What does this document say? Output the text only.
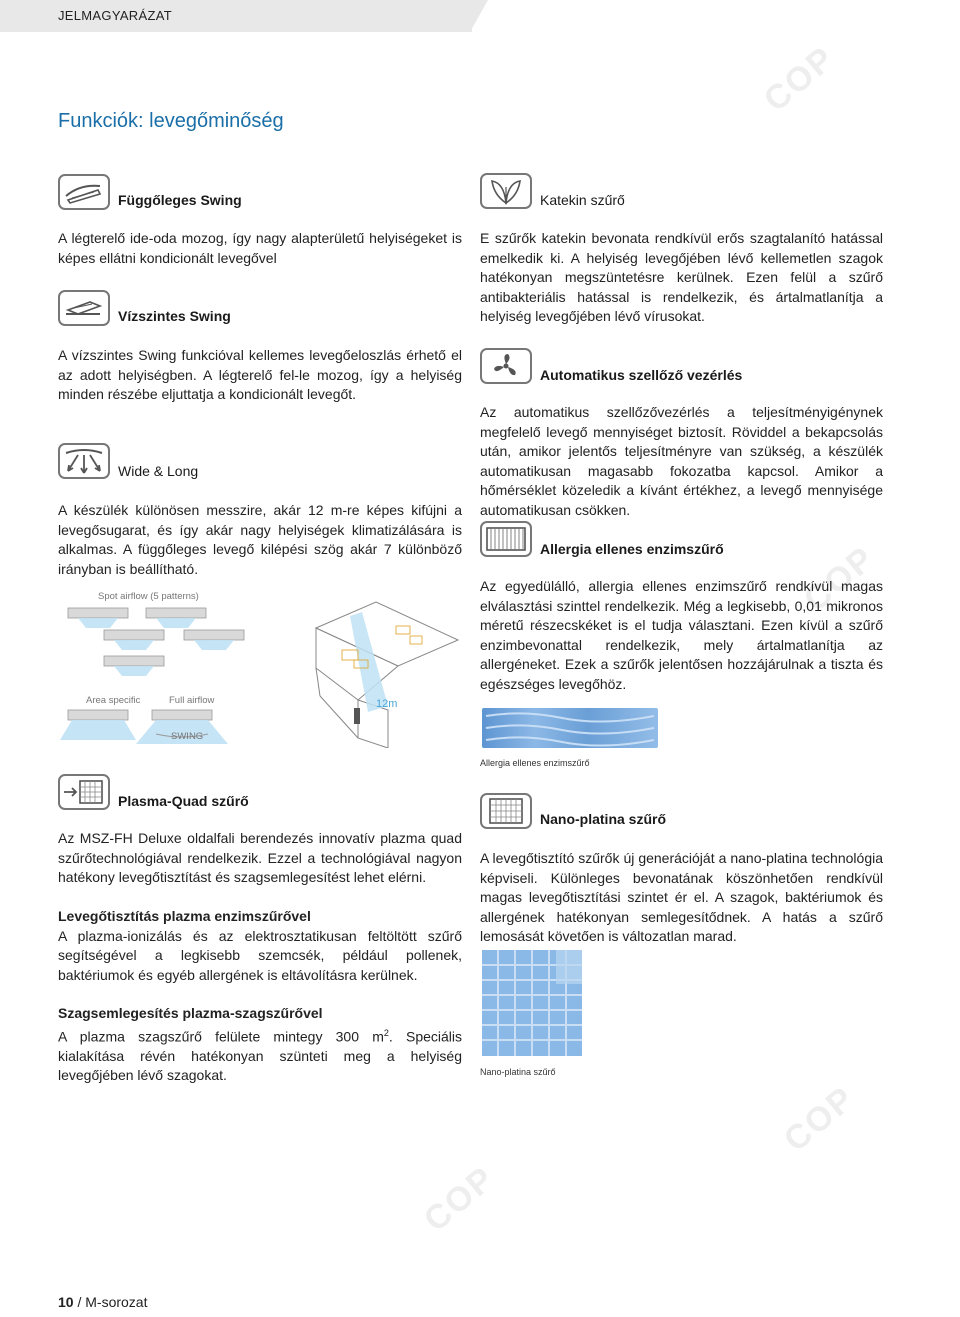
COP
COP
COP
COP
JELMAGYARÁZAT
Funkciók: levegőminőség
Függőleges Swing
A légterelő ide-oda mozog, így nagy alapterületű helyiségeket is képes ellátni kondicionált levegővel
Vízszintes Swing
A vízszintes Swing funkcióval kellemes levegőeloszlás érhető el az adott helyiségben. A légterelő fel-le mozog, így a helyiség minden részébe eljuttatja a kondicionált levegőt.
Wide & Long
A készülék különösen messzire, akár 12 m-re képes kifújni a levegősugarat, és így akár nagy helyiségek klimatizálására is alkalmas. A függőleges levegő kilépési szög akár 7 különböző irányban is beállítható.
Spot airflow (5 patterns)
Area specific	Full airflow
SWING
12m
Plasma-Quad szűrő
Az MSZ-FH Deluxe oldalfali berendezés innovatív plazma quad szűrőtechnológiával rendelkezik. Ezzel a technológiával nagyon hatékony levegőtisztítást és szagsemlegesítést lehet elérni.
Levegőtisztítás plazma enzimszűrővel
A plazma-ionizálás és az elektrosztatikusan feltöltött szűrő segítségével a legkisebb szemcsék, például pollenek, baktériumok és egyéb allergének is eltávolításra kerülnek.
Szagsemlegesítés plazma-szagszűrővel
A plazma szagszűrő felülete mintegy 300 $m^2$. Speciális kialakítása révén hatékonyan szünteti meg a helyiség levegőjében lévő szagokat.
Katekin szűrő
E szűrők katekin bevonata rendkívül erős szagtalanító hatással emelkedik ki. A helyiség levegőjében lévő kellemetlen szagok hatékonyan megszüntetésre kerülnek. Ezen felül a szűrő antibakteriális hatással is rendelkezik, és ártalmatlanítja a helyiség levegőjében lévő vírusokat.
Automatikus szellőző vezérlés
Az automatikus szellőzővezérlés a teljesítményigénynek megfelelő levegő mennyiséget biztosít. Röviddel a bekapcsolás után, amikor jelentős teljesítményre van szükség, a készülék automatikusan magasabb fokozatba kapcsol. Amikor a hőmérséklet közeledik a kívánt értékhez, a levegő mennyisége automatikusan csökken.
Allergia ellenes enzimszűrő
Az egyedülálló, allergia ellenes enzimszűrő rendkívül magas elválasztási szinttel rendelkezik. Még a legkisebb, 0,01 mikronos méretű részecskéket is el tudja választani. Ezen kívül a szűrő enzimbevonattal rendelkezik, mely ártalmatlanítja az allergéneket. Ezek a szűrők jelentősen hozzájárulnak a tiszta és egészséges levegőhöz.
Allergia ellenes enzimszűrő
Nano-platina szűrő
A levegőtisztító szűrők új generációját a nano-platina technológia képviseli. Különleges bevonatának köszönhetően rendkívül magas levegőtisztítási szintet ér el. A szagok, baktériumok és allergének hatékonyan semlegesítődnek. A hatás a szűrő lemosását követően is változatlan marad.
Nano-platina szűrő
10 / M-sorozat
